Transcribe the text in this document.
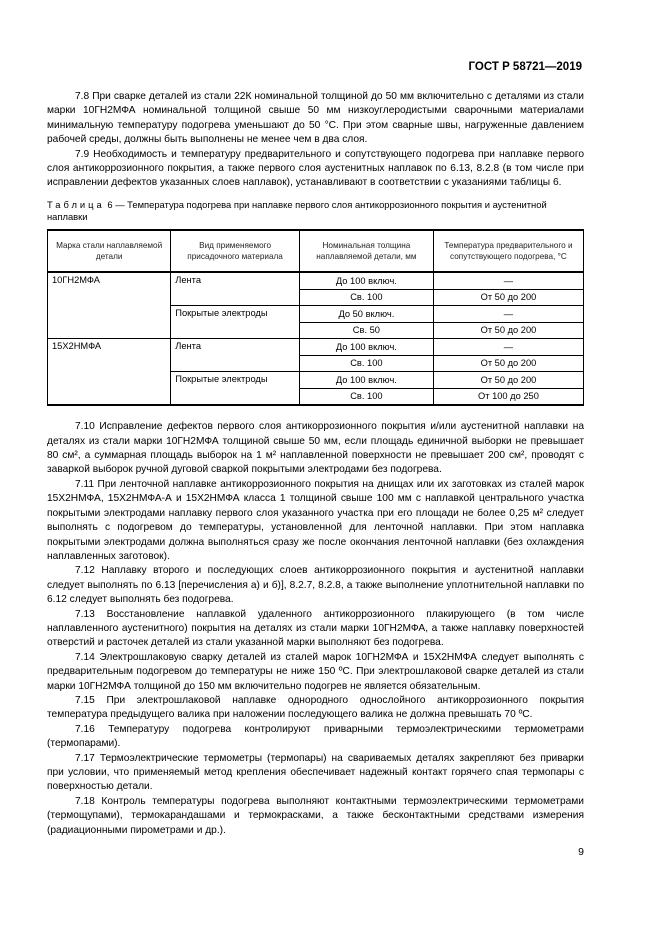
ГОСТ Р 58721—2019

7.8 При сварке деталей из стали 22К номинальной толщиной до 50 мм включительно с деталями из стали марки 10ГН2МФА номинальной толщиной свыше 50 мм низкоуглеродистыми сварочными материалами минимальную температуру подогрева уменьшают до 50 °С. При этом сварные швы, нагруженные давлением рабочей среды, должны быть выполнены не менее чем в два слоя.

7.9 Необходимость и температуру предварительного и сопутствующего подогрева при наплавке первого слоя антикоррозионного покрытия, а также первого слоя аустенитных наплавок по 6.13, 8.2.8 (в том числе при исправлении дефектов указанных слоев наплавок), устанавливают в соответствии с указаниями таблицы 6.

Таблица 6 — Температура подогрева при наплавке первого слоя антикоррозионного покрытия и аустенитной наплавки

Марка стали наплавляемой детали	Вид применяемого присадочного материала	Номинальная толщина наплавляемой детали, мм	Температура предварительного и сопутствующего подогрева, °С
10ГН2МФА	Лента	До 100 включ.	—
		Св. 100	От 50 до 200
	Покрытые электроды	До 50 включ.	—
		Св. 50	От 50 до 200
15Х2НМФА	Лента	До 100 включ.	—
		Св. 100	От 50 до 200
	Покрытые электроды	До 100 включ.	От 50 до 200
		Св. 100	От 100 до 250

7.10 Исправление дефектов первого слоя антикоррозионного покрытия и/или аустенитной наплавки на деталях из стали марки 10ГН2МФА толщиной свыше 50 мм, если площадь единичной выборки не превышает 80 см², а суммарная площадь выборок на 1 м² наплавленной поверхности не превышает 200 см², проводят с заваркой выборок ручной дуговой сваркой покрытыми электродами без подогрева.

7.11 При ленточной наплавке антикоррозионного покрытия на днищах или их заготовках из сталей марок 15Х2НМФА, 15Х2НМФА-А и 15Х2НМФА класса 1 толщиной свыше 100 мм с наплавкой центрального участка покрытыми электродами наплавку первого слоя указанного участка при его площади не более 0,25 м² следует выполнять с подогревом до температуры, установленной для ленточной наплавки. При этом наплавка покрытыми электродами должна выполняться сразу же после окончания ленточной наплавки (без охлаждения наплавленных заготовок).

7.12 Наплавку второго и последующих слоев антикоррозионного покрытия и аустенитной наплавки следует выполнять по 6.13 [перечисления а) и б)], 8.2.7, 8.2.8, а также выполнение уплотнительной наплавки по 6.12 следует выполнять без подогрева.

7.13 Восстановление наплавкой удаленного антикоррозионного плакирующего (в том числе наплавленного аустенитного) покрытия на деталях из стали марки 10ГН2МФА, а также наплавку поверхностей отверстий и расточек деталей из стали указанной марки выполняют без подогрева.

7.14 Электрошлаковую сварку деталей из сталей марок 10ГН2МФА и 15Х2НМФА следует выполнять с предварительным подогревом до температуры не ниже 150 ºС. При электрошлаковой сварке деталей из стали марки 10ГН2МФА толщиной до 150 мм включительно подогрев не является обязательным.

7.15 При электрошлаковой наплавке однородного однослойного антикоррозионного покрытия температура предыдущего валика при наложении последующего валика не должна превышать 70 ºС.

7.16 Температуру подогрева контролируют приварными термоэлектрическими термометрами (термопарами).

7.17 Термоэлектрические термометры (термопары) на свариваемых деталях закрепляют без приварки при условии, что применяемый метод крепления обеспечивает надежный контакт горячего спая термопары с поверхностью детали.

7.18 Контроль температуры подогрева выполняют контактными термоэлектрическими термометрами (термощупами), термокарандашами и термокрасками, а также бесконтактными средствами измерения (радиационными пирометрами и др.).

9
